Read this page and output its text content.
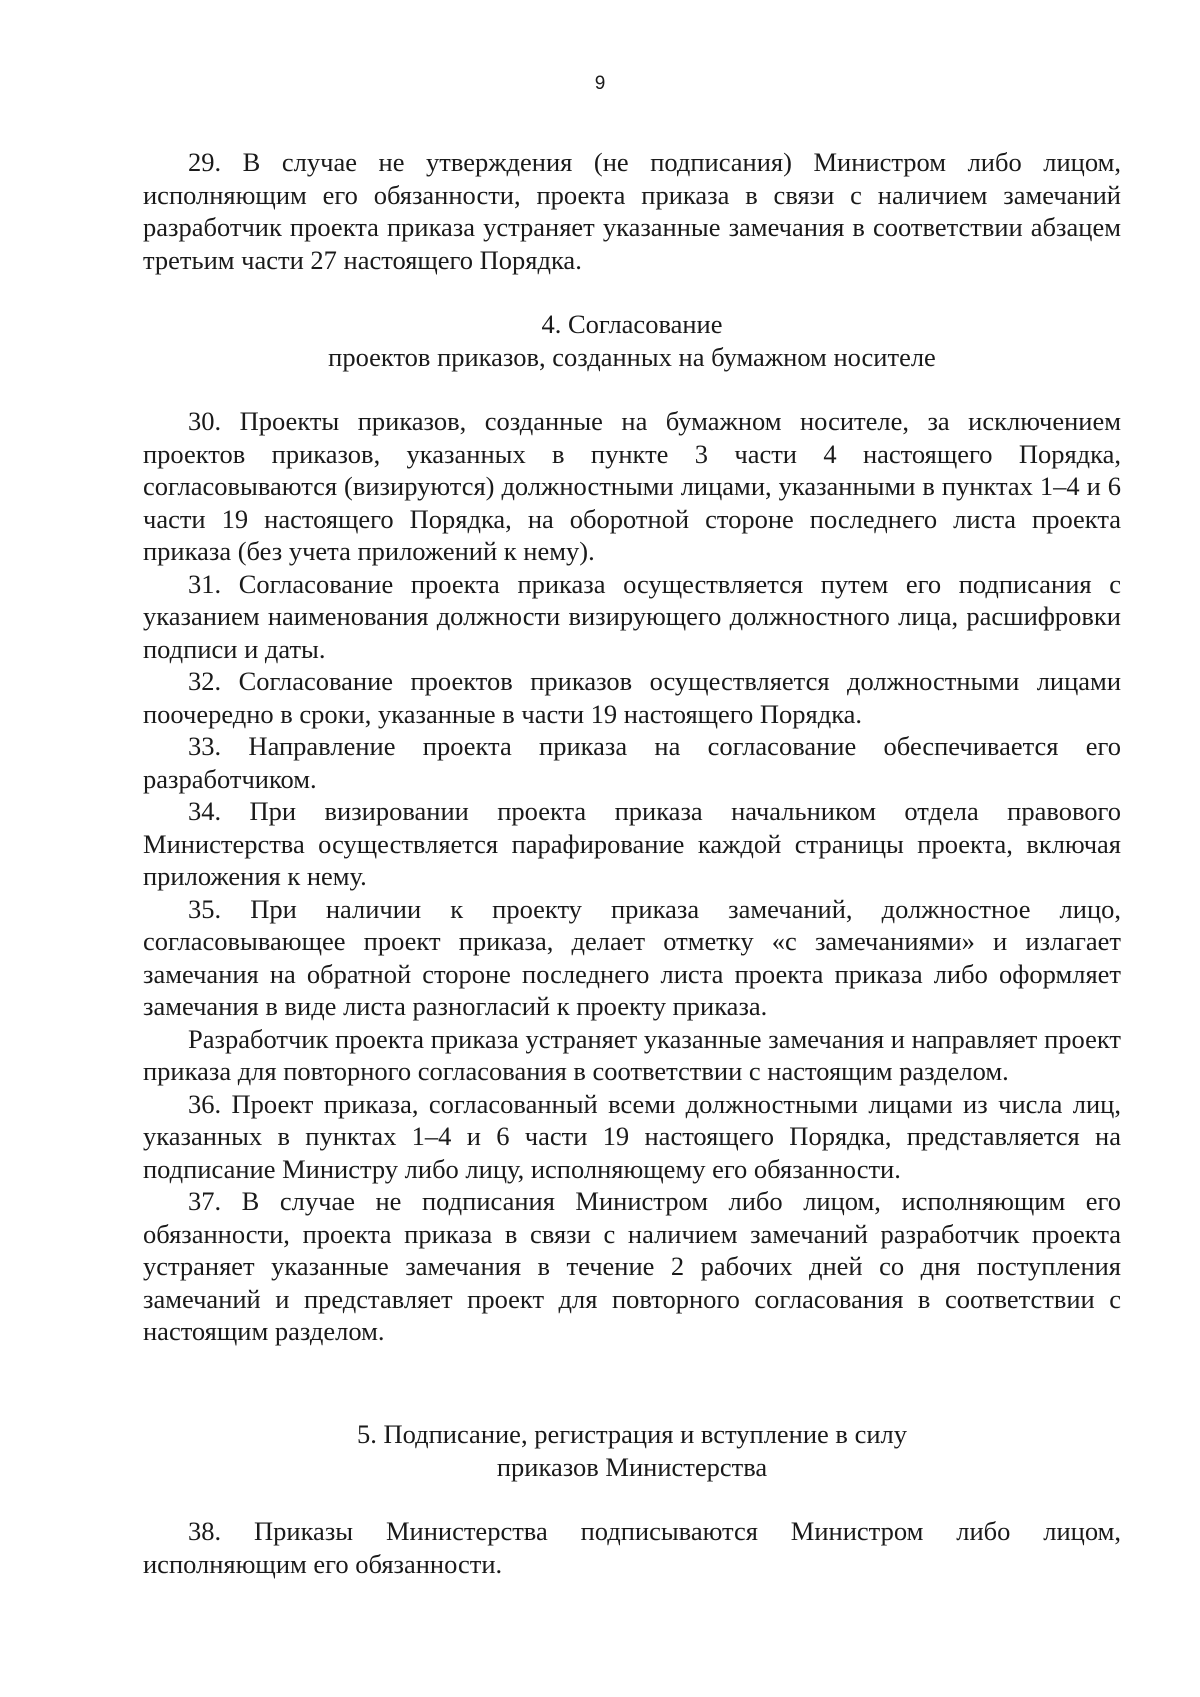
9

29. В случае не утверждения (не подписания) Министром либо лицом, исполняющим его обязанности, проекта приказа в связи с наличием замечаний разработчик проекта приказа устраняет указанные замечания в соответствии абзацем третьим части 27 настоящего Порядка.

4. Согласование
проектов приказов, созданных на бумажном носителе

30. Проекты приказов, созданные на бумажном носителе, за исключением проектов приказов, указанных в пункте 3 части 4 настоящего Порядка, согласовываются (визируются) должностными лицами, указанными в пунктах 1–4 и 6 части 19 настоящего Порядка, на оборотной стороне последнего листа проекта приказа (без учета приложений к нему).

31. Согласование проекта приказа осуществляется путем его подписания с указанием наименования должности визирующего должностного лица, расшифровки подписи и даты.

32. Согласование проектов приказов осуществляется должностными лицами поочередно в сроки, указанные в части 19 настоящего Порядка.

33. Направление проекта приказа на согласование обеспечивается его разработчиком.

34. При визировании проекта приказа начальником отдела правового Министерства осуществляется парафирование каждой страницы проекта, включая приложения к нему.

35. При наличии к проекту приказа замечаний, должностное лицо, согласовывающее проект приказа, делает отметку «с замечаниями» и излагает замечания на обратной стороне последнего листа проекта приказа либо оформляет замечания в виде листа разногласий к проекту приказа.

Разработчик проекта приказа устраняет указанные замечания и направляет проект приказа для повторного согласования в соответствии с настоящим разделом.

36. Проект приказа, согласованный всеми должностными лицами из числа лиц, указанных в пунктах 1–4 и 6 части 19 настоящего Порядка, представляется на подписание Министру либо лицу, исполняющему его обязанности.

37. В случае не подписания Министром либо лицом, исполняющим его обязанности, проекта приказа в связи с наличием замечаний разработчик проекта устраняет указанные замечания в течение 2 рабочих дней со дня поступления замечаний и представляет проект для повторного согласования в соответствии с настоящим разделом.

5. Подписание, регистрация и вступление в силу
приказов Министерства

38. Приказы Министерства подписываются Министром либо лицом, исполняющим его обязанности.
